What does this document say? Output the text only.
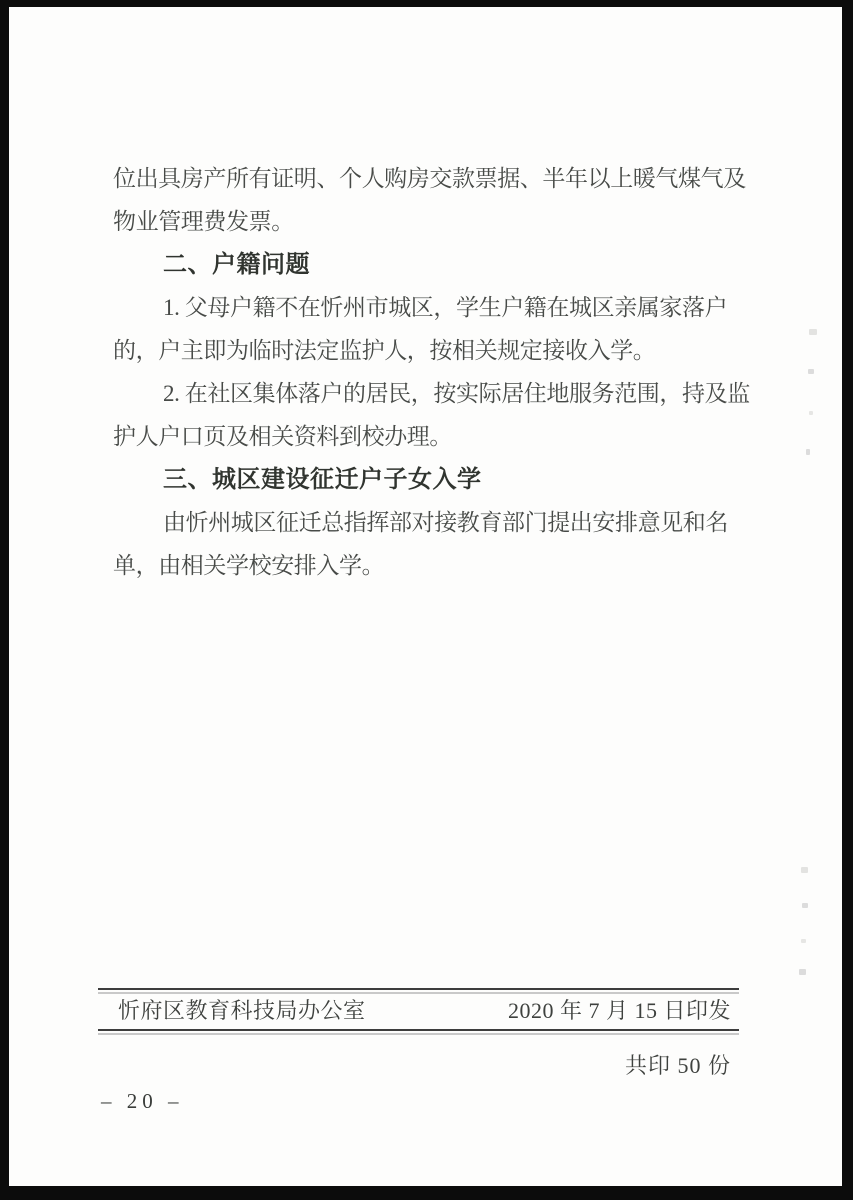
位出具房产所有证明、个人购房交款票据、半年以上暖气煤气及
物业管理费发票。
二、户籍问题
1. 父母户籍不在忻州市城区，学生户籍在城区亲属家落户
的，户主即为临时法定监护人，按相关规定接收入学。
2. 在社区集体落户的居民，按实际居住地服务范围，持及监
护人户口页及相关资料到校办理。
三、城区建设征迁户子女入学
由忻州城区征迁总指挥部对接教育部门提出安排意见和名
单，由相关学校安排入学。
忻府区教育科技局办公室	2020 年 7 月 15 日印发
共印 50 份
– 20 –
